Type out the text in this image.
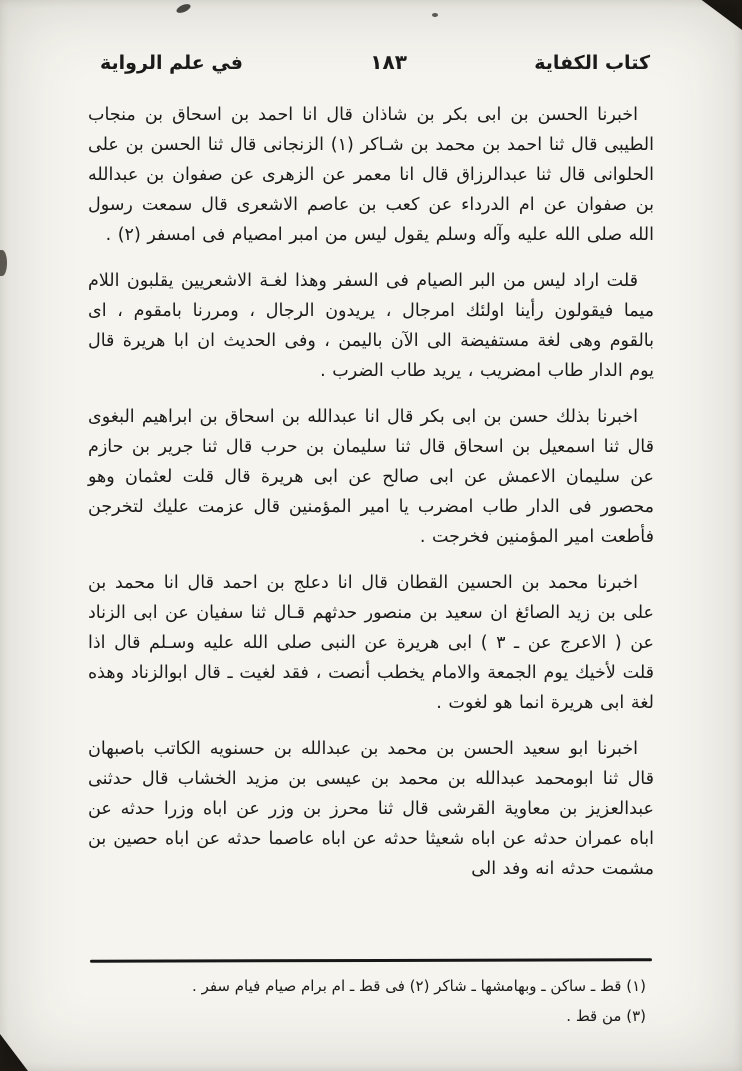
كتاب الكفاية
١٨٣
في علم الرواية

اخبرنا الحسن بن ابى بكر بن شاذان قال انا احمد بن اسحاق بن منجاب الطيبى قال ثنا احمد بن محمد بن شـاكر (١) الزنجانى قال ثنا الحسن بن على الحلوانى قال ثنا عبدالرزاق قال انا معمر عن الزهرى عن صفوان بن عبدالله بن صفوان عن ام الدرداء عن كعب بن عاصم الاشعرى قال سمعت رسول الله صلى الله عليه وآله وسلم يقول ليس من امبر امصيام فى امسفر (٢) .

قلت اراد ليس من البر الصيام فى السفر وهذا لغـة الاشعريين يقلبون اللام ميما فيقولون رأينا اولئك امرجال ، يريدون الرجال ، ومررنا بامقوم ، اى بالقوم وهى لغة مستفيضة الى الآن باليمن ، وفى الحديث ان ابا هريرة قال يوم الدار طاب امضريب ، يريد طاب الضرب .

اخبرنا بذلك حسن بن ابى بكر قال انا عبدالله بن اسحاق بن ابراهيم البغوى قال ثنا اسمعيل بن اسحاق قال ثنا سليمان بن حرب قال ثنا جرير بن حازم عن سليمان الاعمش عن ابى صالح عن ابى هريرة قال قلت لعثمان وهو محصور فى الدار طاب امضرب يا امير المؤمنين قال عزمت عليك لتخرجن فأطعت امير المؤمنين فخرجت .

اخبرنا محمد بن الحسين القطان قال انا دعلج بن احمد قال انا محمد بن على بن زيد الصائغ ان سعيد بن منصور حدثهم قـال ثنا سفيان عن ابى الزناد عن ( الاعرج عن ـ ٣ ) ابى هريرة عن النبى صلى الله عليه وسـلم قال اذا قلت لأخيك يوم الجمعة والامام يخطب أنصت ، فقد لغيت ـ قال ابوالزناد وهذه لغة ابى هريرة انما هو لغوت .

اخبرنا ابو سعيد الحسن بن محمد بن عبدالله بن حسنويه الكاتب باصبهان قال ثنا ابومحمد عبدالله بن محمد بن عيسى بن مزيد الخشاب قال حدثنى عبدالعزيز بن معاوية القرشى قال ثنا محرز بن وزر عن اباه وزرا حدثه عن اباه عمران حدثه عن اباه شعيثا حدثه عن اباه عاصما حدثه عن اباه حصين بن مشمت حدثه انه وفد الى

(١) قط ـ ساكن ـ وبهامشها ـ شاكر (٢) فى قط ـ ام برام صيام فيام سفر .
(٣) من قط .
